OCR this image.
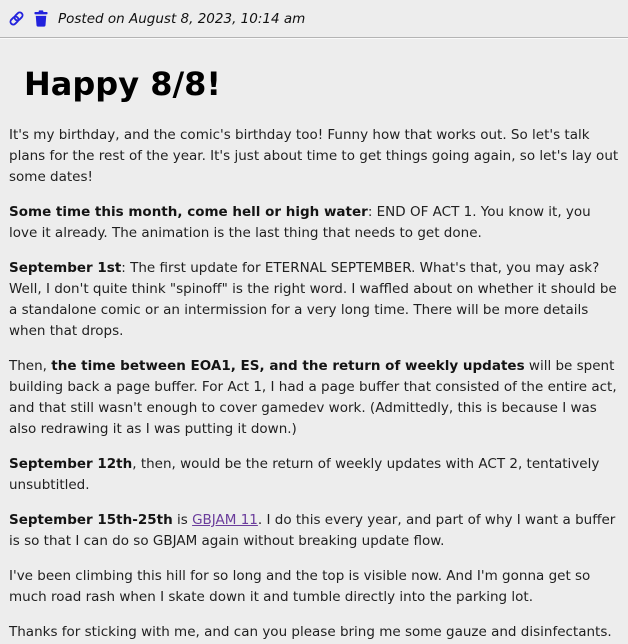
Posted on August 8, 2023, 10:14 am
Happy 8/8!

It's my birthday, and the comic's birthday too! Funny how that works out. So let's talk plans for the rest of the year. It's just about time to get things going again, so let's lay out some dates!

Some time this month, come hell or high water: END OF ACT 1. You know it, you love it already. The animation is the last thing that needs to get done.

September 1st: The first update for ETERNAL SEPTEMBER. What's that, you may ask? Well, I don't quite think "spinoff" is the right word. I waffled about on whether it should be a standalone comic or an intermission for a very long time. There will be more details when that drops.

Then, the time between EOA1, ES, and the return of weekly updates will be spent building back a page buffer. For Act 1, I had a page buffer that consisted of the entire act, and that still wasn't enough to cover gamedev work. (Admittedly, this is because I was also redrawing it as I was putting it down.)

September 12th, then, would be the return of weekly updates with ACT 2, tentatively unsubtitled.

September 15th-25th is GBJAM 11. I do this every year, and part of why I want a buffer is so that I can do so GBJAM again without breaking update flow.

I've been climbing this hill for so long and the top is visible now. And I'm gonna get so much road rash when I skate down it and tumble directly into the parking lot.

Thanks for sticking with me, and can you please bring me some gauze and disinfectants.
